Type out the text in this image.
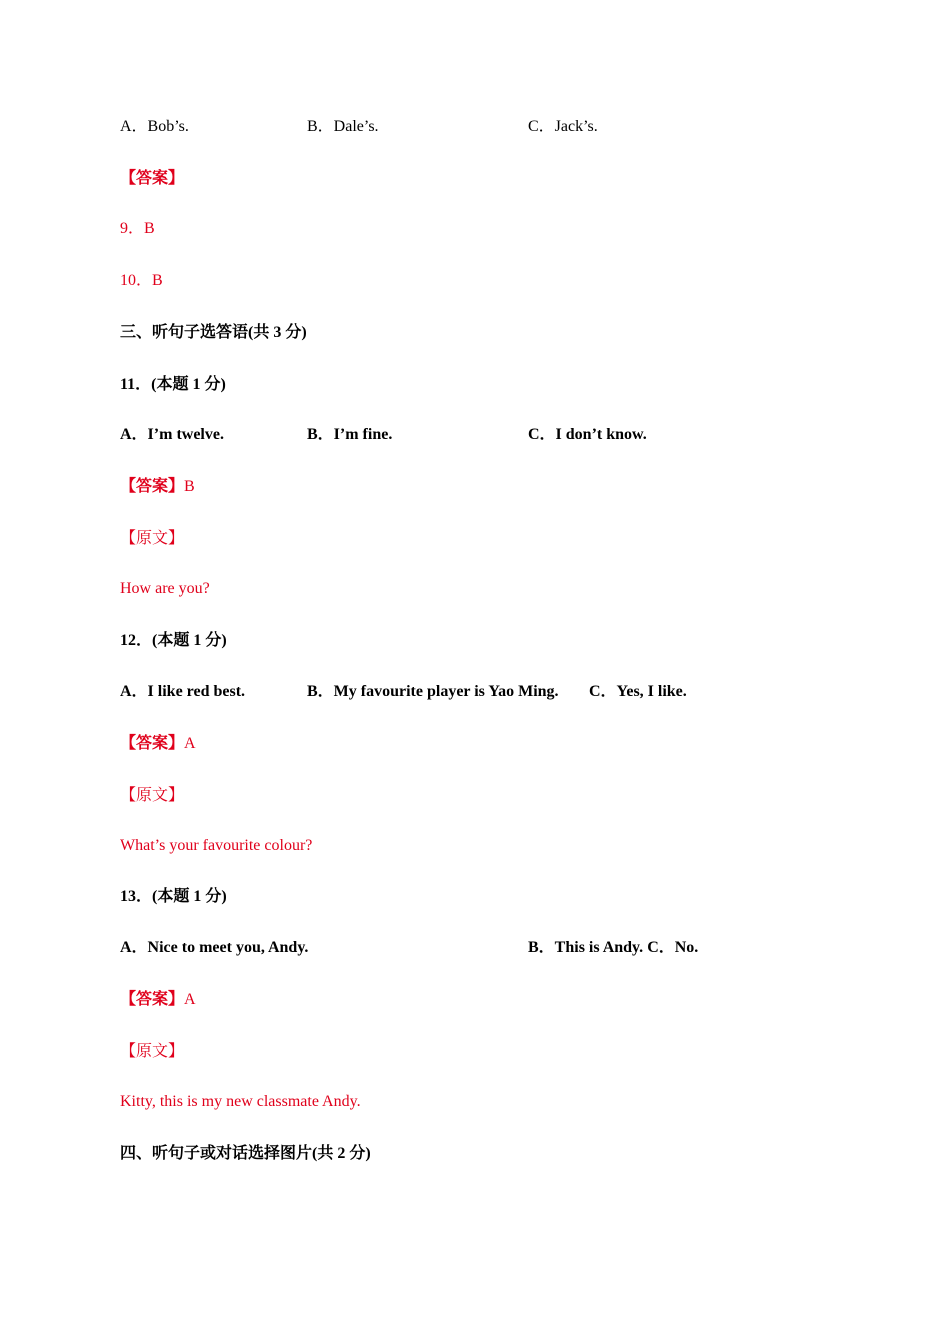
A．Bob’s.	B．Dale’s.	C．Jack’s.
【答案】
9．B
10．B
三、听句子选答语(共 3 分)
11．(本题 1 分)
A．I’m twelve.	B．I’m fine.	C．I don’t know.
【答案】B
【原文】
How are you?
12．(本题 1 分)
A．I like red best.	B．My favourite player is Yao Ming. C．Yes, I like.
【答案】A
【原文】
What’s your favourite colour?
13．(本题 1 分)
A．Nice to meet you, Andy.	B．This is Andy. C．No.
【答案】A
【原文】
Kitty, this is my new classmate Andy.
四、听句子或对话选择图片(共 2 分)
